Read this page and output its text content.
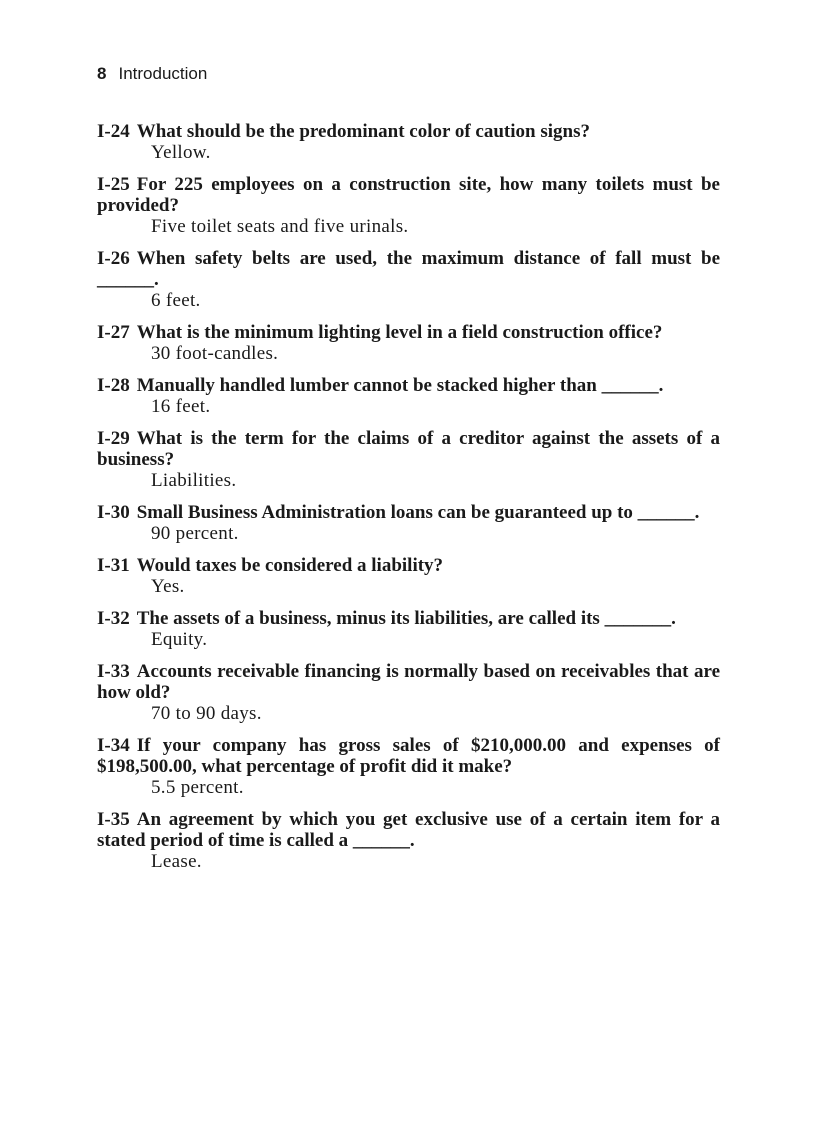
8 Introduction

I-24 What should be the predominant color of caution signs?

Yellow.

I-25 For 225 employees on a construction site, how many toilets must be provided?

Five toilet seats and five urinals.

I-26 When safety belts are used, the maximum distance of fall must be ______.

6 feet.

I-27 What is the minimum lighting level in a field construction office?

30 foot-candles.

I-28 Manually handled lumber cannot be stacked higher than ______.

16 feet.

I-29 What is the term for the claims of a creditor against the assets of a business?

Liabilities.

I-30 Small Business Administration loans can be guaranteed up to ______.

90 percent.

I-31 Would taxes be considered a liability?

Yes.

I-32 The assets of a business, minus its liabilities, are called its _______.

Equity.

I-33 Accounts receivable financing is normally based on receivables that are how old?

70 to 90 days.

I-34 If your company has gross sales of $210,000.00 and expenses of $198,500.00, what percentage of profit did it make?

5.5 percent.

I-35 An agreement by which you get exclusive use of a certain item for a stated period of time is called a ______.

Lease.
